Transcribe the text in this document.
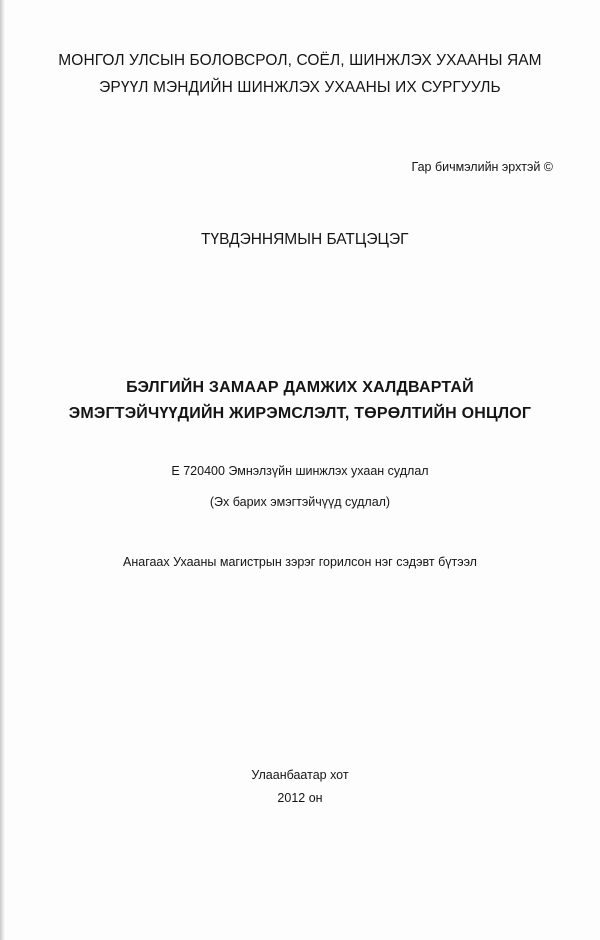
МОНГОЛ УЛСЫН БОЛОВСРОЛ, СОЁЛ, ШИНЖЛЭХ УХААНЫ ЯАМ
ЭРҮҮЛ МЭНДИЙН ШИНЖЛЭХ УХААНЫ ИХ СУРГУУЛЬ
Гар бичмэлийн эрхтэй ©
ТҮВДЭННЯМЫН БАТЦЭЦЭГ
БЭЛГИЙН ЗАМААР ДАМЖИХ ХАЛДВАРТАЙ
ЭМЭГТЭЙЧҮҮДИЙН ЖИРЭМСЛЭЛТ, ТӨРӨЛТИЙН ОНЦЛОГ
Е 720400 Эмнэлзүйн шинжлэх ухаан судлал
(Эх барих эмэгтэйчүүд судлал)
Анагаах Ухааны магистрын зэрэг горилсон нэг сэдэвт бүтээл
Улаанбаатар хот
2012 он
